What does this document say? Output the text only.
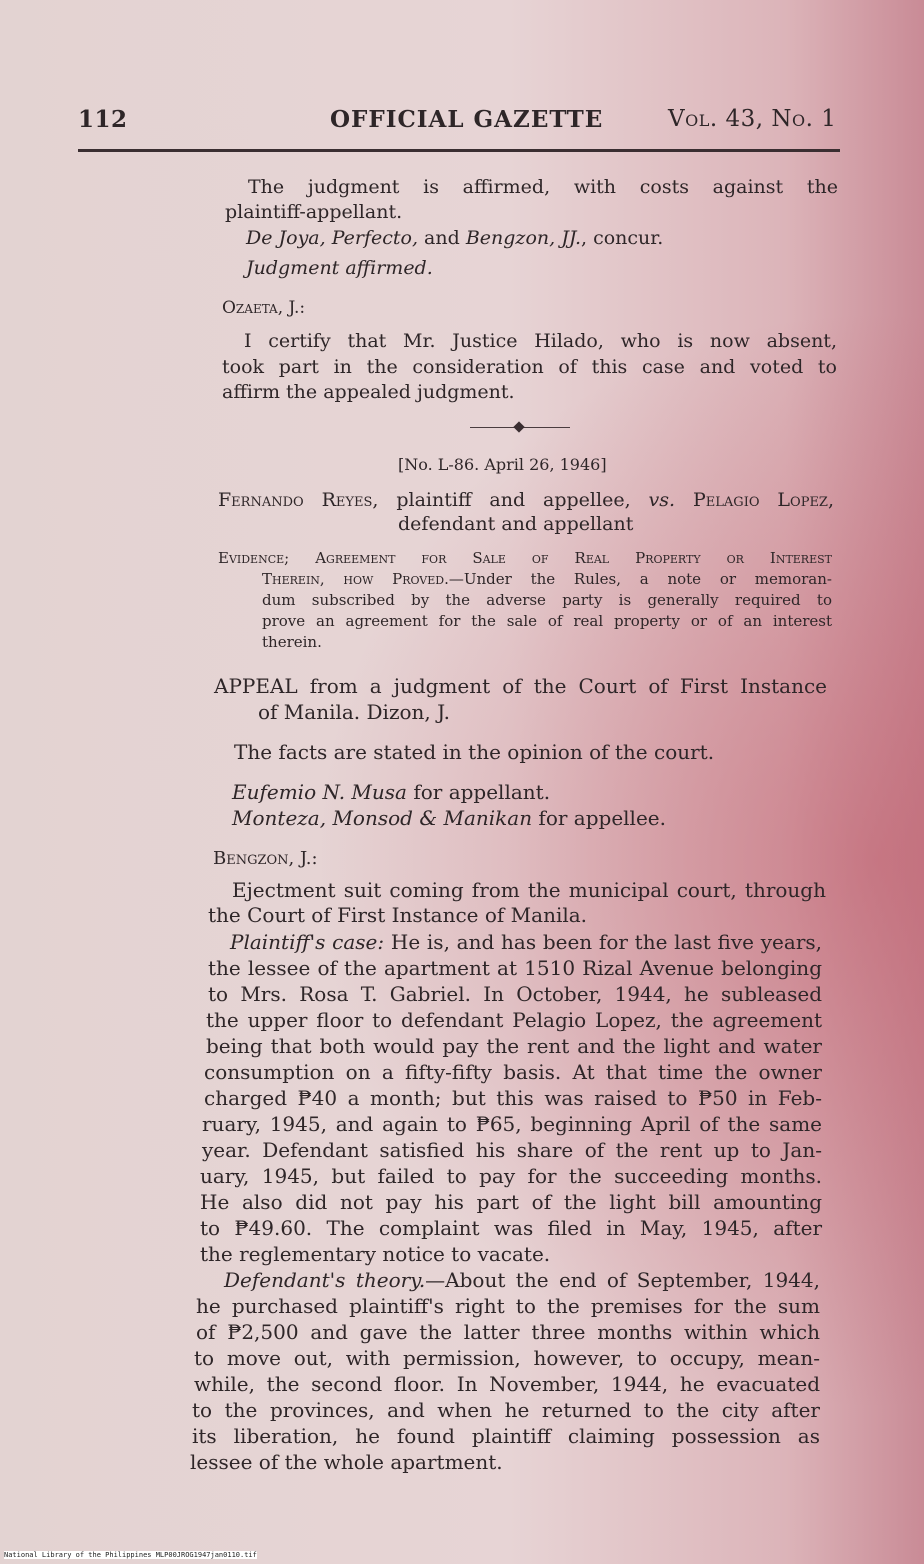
112	OFFICIAL GAZETTE	Vol. 43, No. 1
The judgment is affirmed, with costs against the
plaintiff-appellant.
De Joya, Perfecto, and Bengzon, JJ., concur.
Judgment affirmed.
Ozaeta, J.:
I certify that Mr. Justice Hilado, who is now absent,
took part in the consideration of this case and voted to
affirm the appealed judgment.
[No. L-86. April 26, 1946]
Fernando Reyes, plaintiff and appellee, vs. Pelagio Lopez,
defendant and appellant
Evidence; Agreement for Sale of Real Property or Interest
Therein, how Proved.—Under the Rules, a note or memoran-
dum subscribed by the adverse party is generally required to
prove an agreement for the sale of real property or of an interest
therein.
APPEAL from a judgment of the Court of First Instance
of Manila. Dizon, J.
The facts are stated in the opinion of the court.
Eufemio N. Musa for appellant.
Monteza, Monsod & Manikan for appellee.
Bengzon, J.:
Ejectment suit coming from the municipal court, through
the Court of First Instance of Manila.
Plaintiff's case: He is, and has been for the last five years,
the lessee of the apartment at 1510 Rizal Avenue belonging
to Mrs. Rosa T. Gabriel. In October, 1944, he subleased
the upper floor to defendant Pelagio Lopez, the agreement
being that both would pay the rent and the light and water
consumption on a fifty-fifty basis. At that time the owner
charged ₱40 a month; but this was raised to ₱50 in Feb-
ruary, 1945, and again to ₱65, beginning April of the same
year. Defendant satisfied his share of the rent up to Jan-
uary, 1945, but failed to pay for the succeeding months.
He also did not pay his part of the light bill amounting
to ₱49.60. The complaint was filed in May, 1945, after
the reglementary notice to vacate.
Defendant's theory.—About the end of September, 1944,
he purchased plaintiff's right to the premises for the sum
of ₱2,500 and gave the latter three months within which
to move out, with permission, however, to occupy, mean-
while, the second floor. In November, 1944, he evacuated
to the provinces, and when he returned to the city after
its liberation, he found plaintiff claiming possession as
lessee of the whole apartment.
National Library of the Philippines MLP00JROG1947jan0110.tif
